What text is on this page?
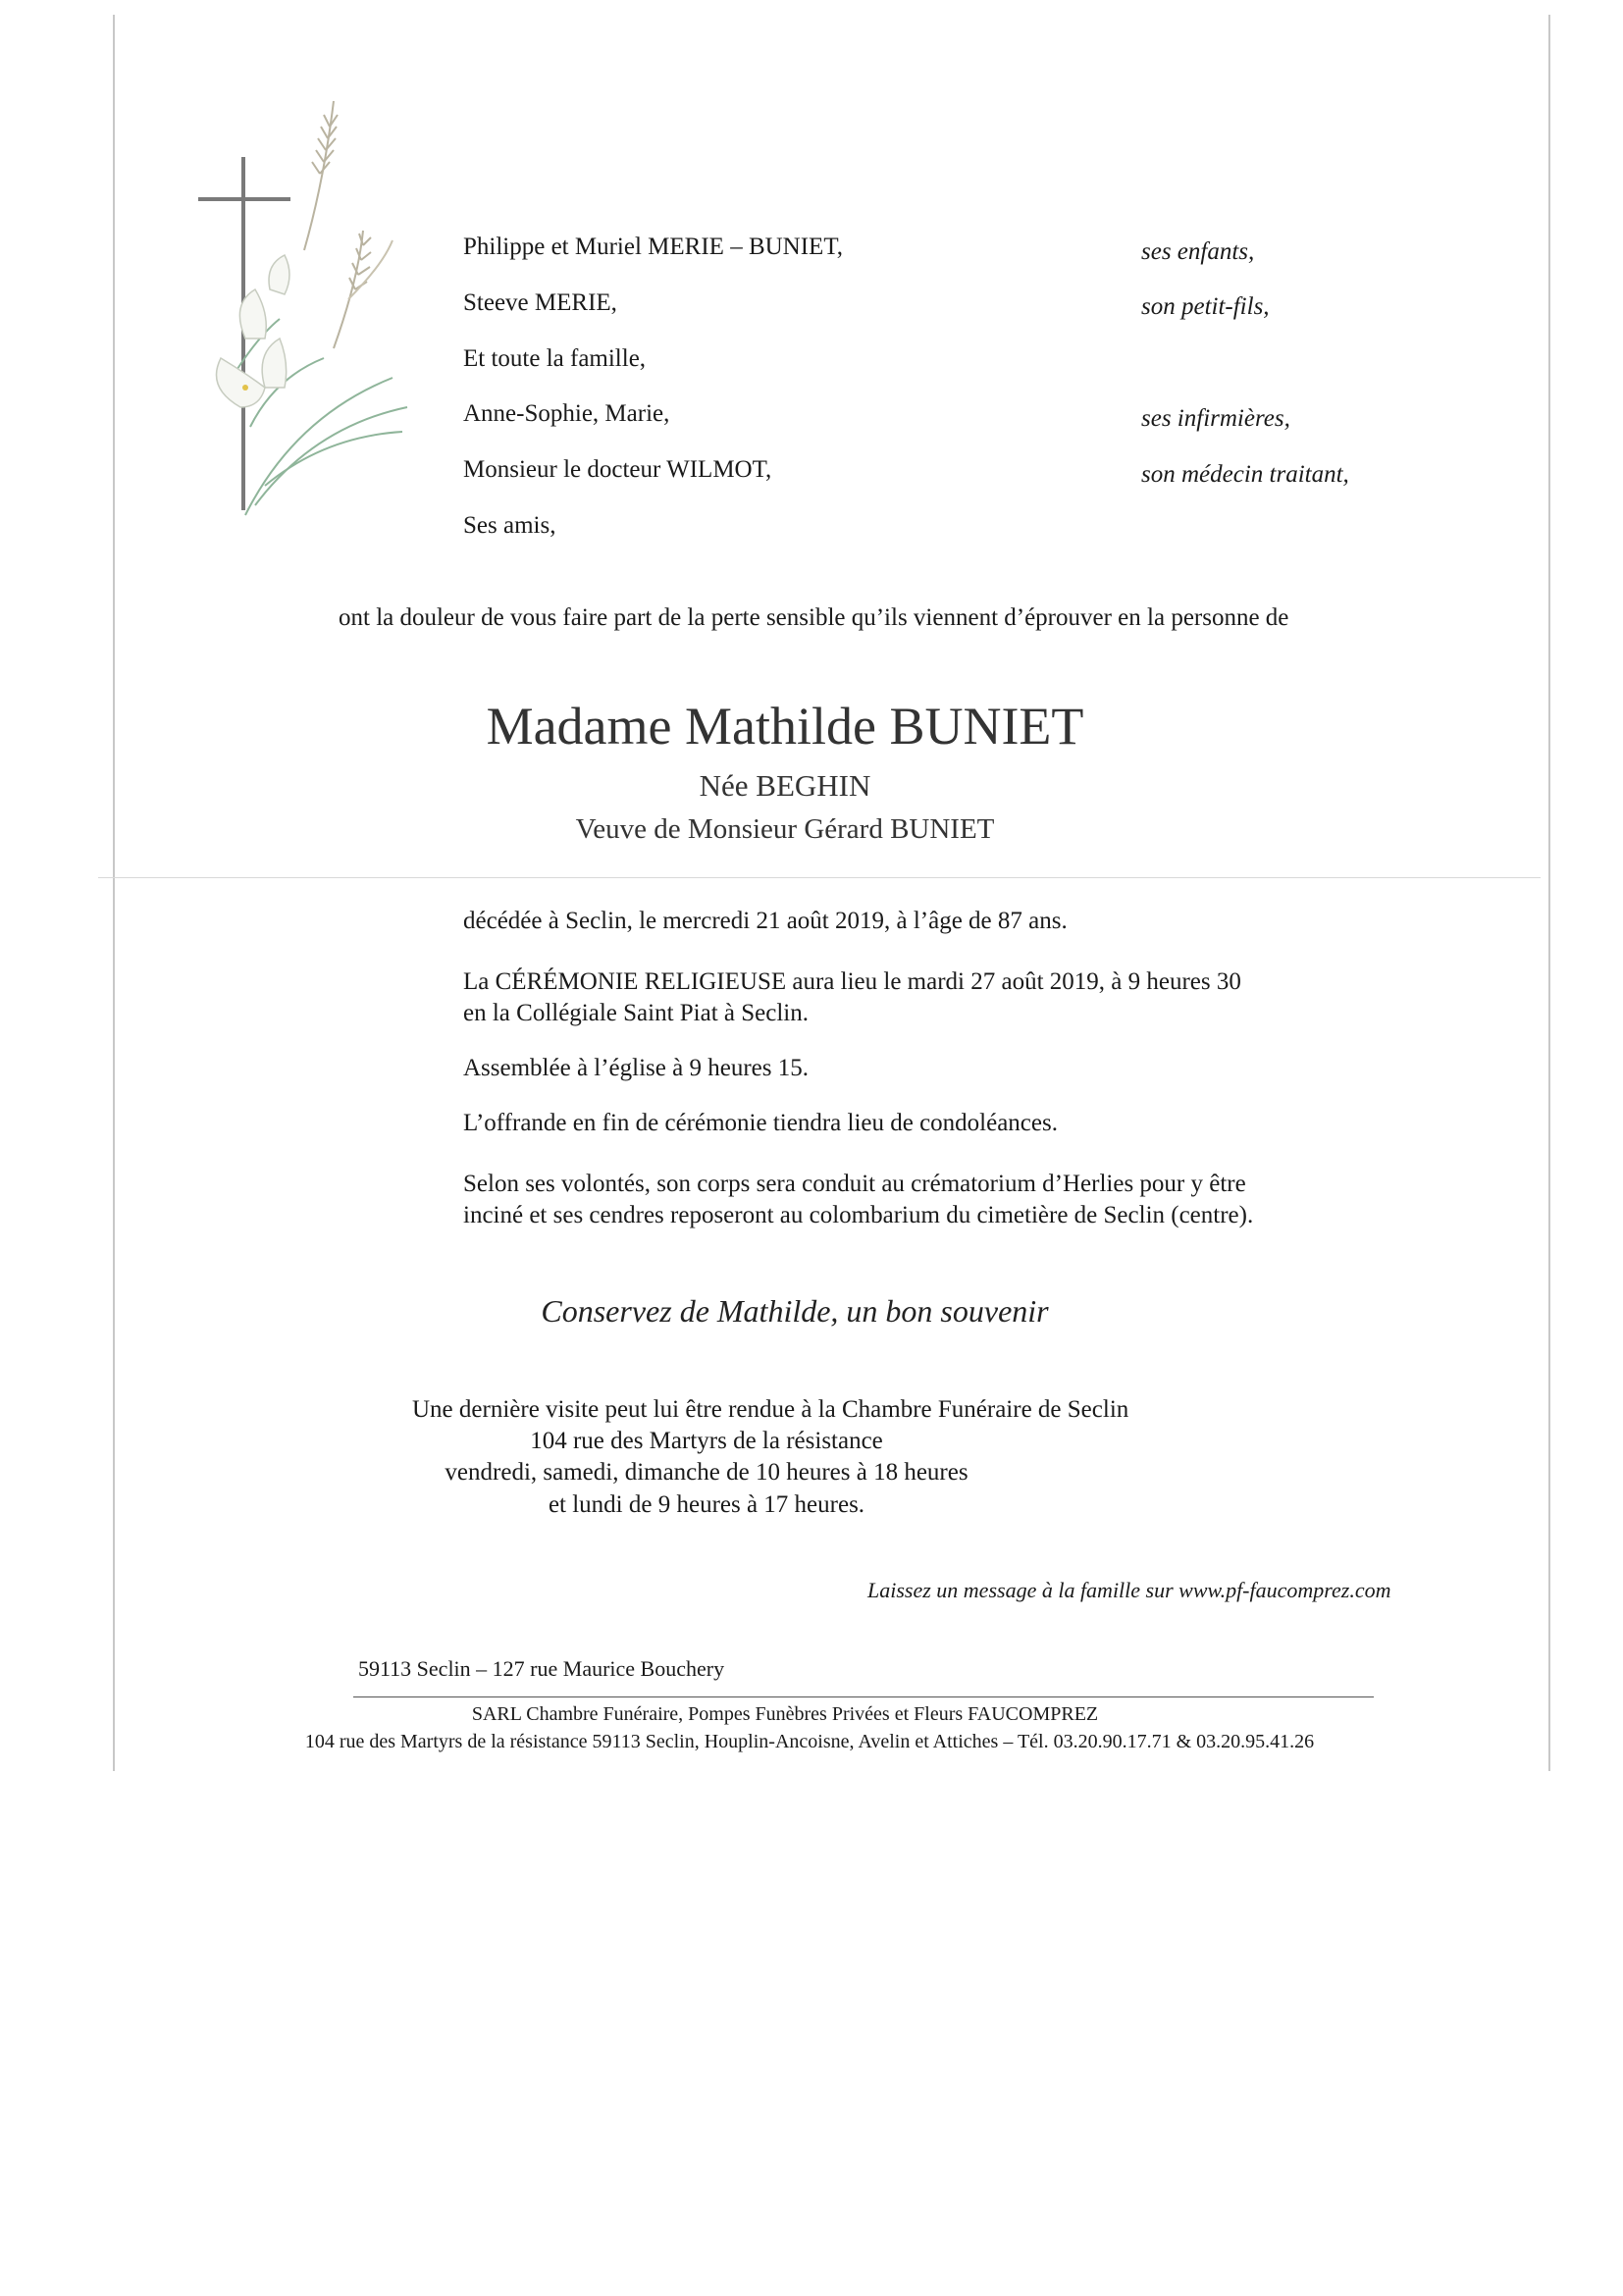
Philippe et Muriel MERIE – BUNIET,	ses enfants,
Steeve MERIE,	son petit-fils,
Et toute la famille,
Anne-Sophie, Marie,	ses infirmières,
Monsieur le docteur WILMOT,	son médecin traitant,
Ses amis,
ont la douleur de vous faire part de la perte sensible qu’ils viennent d’éprouver en la personne de
Madame Mathilde BUNIET
Née BEGHIN
Veuve de Monsieur Gérard BUNIET
décédée à Seclin, le mercredi 21 août 2019, à l’âge de 87 ans.
La CÉRÉMONIE RELIGIEUSE aura lieu le mardi 27 août 2019, à 9 heures 30
en la Collégiale Saint Piat à Seclin.
Assemblée à l’église à 9 heures 15.
L’offrande en fin de cérémonie tiendra lieu de condoléances.
Selon ses volontés, son corps sera conduit au crématorium d’Herlies pour y être
inciné et ses cendres reposeront au colombarium du cimetière de Seclin (centre).
Conservez de Mathilde, un bon souvenir
Une dernière visite peut lui être rendue à la Chambre Funéraire de Seclin
104 rue des Martyrs de la résistance
vendredi, samedi, dimanche de 10 heures à 18 heures
et lundi de 9 heures à 17 heures.
Laissez un message à la famille sur www.pf-faucomprez.com
59113 Seclin – 127 rue Maurice Bouchery
SARL Chambre Funéraire, Pompes Funèbres Privées et Fleurs FAUCOMPREZ
104 rue des Martyrs de la résistance 59113 Seclin, Houplin-Ancoisne, Avelin et Attiches – Tél. 03.20.90.17.71 & 03.20.95.41.26
